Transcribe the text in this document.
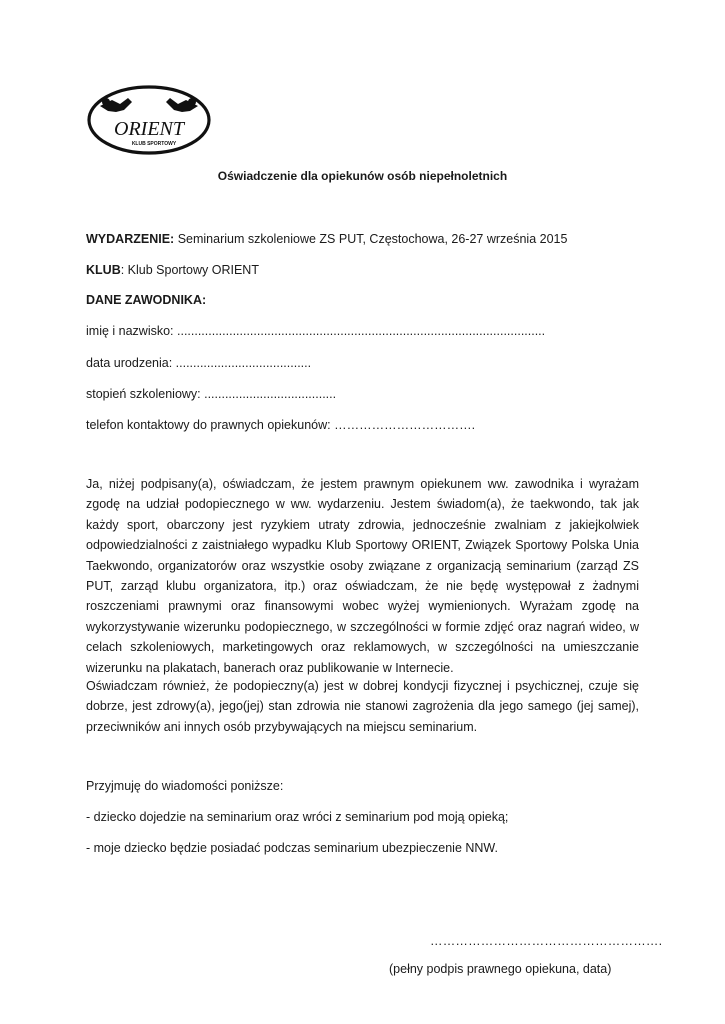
ORIENT
KLUB SPORTOWY
Oświadczenie dla opiekunów osób niepełnoletnich
WYDARZENIE: Seminarium szkoleniowe ZS PUT, Częstochowa, 26-27 września 2015
KLUB: Klub Sportowy ORIENT
DANE ZAWODNIKA:
imię i nazwisko: ..........................................................................................................
data urodzenia: .......................................
stopień szkoleniowy: ......................................
telefon kontaktowy do prawnych opiekunów: …………………………….
Ja, niżej podpisany(a), oświadczam, że jestem prawnym opiekunem ww. zawodnika i wyrażam zgodę na udział podopiecznego w ww. wydarzeniu. Jestem świadom(a), że taekwondo, tak jak każdy sport, obarczony jest ryzykiem utraty zdrowia, jednocześnie zwalniam z jakiejkolwiek odpowiedzialności z zaistniałego wypadku Klub Sportowy ORIENT, Związek Sportowy Polska Unia Taekwondo, organizatorów oraz wszystkie osoby związane z organizacją seminarium (zarząd ZS PUT, zarząd klubu organizatora, itp.) oraz oświadczam, że nie będę występował z żadnymi roszczeniami prawnymi oraz finansowymi wobec wyżej wymienionych. Wyrażam zgodę na wykorzystywanie wizerunku podopiecznego, w szczególności w formie zdjęć oraz nagrań wideo, w celach szkoleniowych, marketingowych oraz reklamowych, w szczególności na umieszczanie wizerunku na plakatach, banerach oraz publikowanie w Internecie.
Oświadczam również, że podopieczny(a) jest w dobrej kondycji fizycznej i psychicznej, czuje się dobrze, jest zdrowy(a), jego(jej) stan zdrowia nie stanowi zagrożenia dla jego samego (jej samej), przeciwników ani innych osób przybywających na miejscu seminarium.
Przyjmuję do wiadomości poniższe:
- dziecko dojedzie na seminarium oraz wróci z seminarium pod moją opieką;
- moje dziecko będzie posiadać podczas seminarium ubezpieczenie NNW.
……………………………………………….
(pełny podpis prawnego opiekuna, data)
